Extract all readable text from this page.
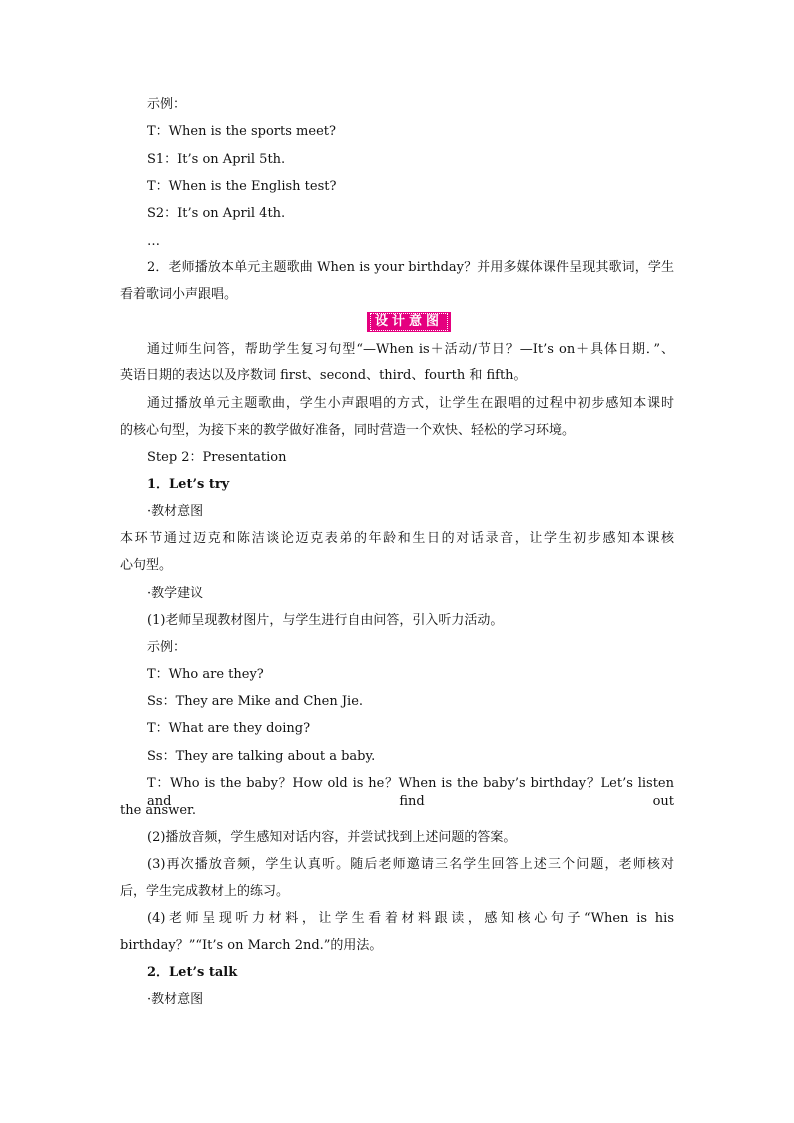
示例：
T：When is the sports meet?
S1：It’s on April 5th.
T：When is the English test?
S2：It’s on April 4th.
…
2．老师播放本单元主题歌曲 When is your birthday？并用多媒体课件呈现其歌词，学生
看着歌词小声跟唱。
设计意图
通过师生问答，帮助学生复习句型“—When is＋活动/节日？—It’s on＋具体日期．”、
英语日期的表达以及序数词 first、second、third、fourth 和 fifth。
通过播放单元主题歌曲，学生小声跟唱的方式，让学生在跟唱的过程中初步感知本课时
的核心句型，为接下来的教学做好准备，同时营造一个欢快、轻松的学习环境。
Step 2：Presentation
1．Let’s try
·教材意图
本环节通过迈克和陈洁谈论迈克表弟的年龄和生日的对话录音，让学生初步感知本课核
心句型。
·教学建议
(1)老师呈现教材图片，与学生进行自由问答，引入听力活动。
示例：
T：Who are they?
Ss：They are Mike and Chen Jie.
T：What are they doing?
Ss：They are talking about a baby.
T：Who is the baby？How old is he？When is the baby’s birthday？Let’s listen and find out
the answer.
(2)播放音频，学生感知对话内容，并尝试找到上述问题的答案。
(3)再次播放音频，学生认真听。随后老师邀请三名学生回答上述三个问题，老师核对
后，学生完成教材上的练习。
(4)老师呈现听力材料，让学生看着材料跟读，感知核心句子“When is his
birthday？”“It’s on March 2nd.”的用法。
2．Let’s talk
·教材意图
